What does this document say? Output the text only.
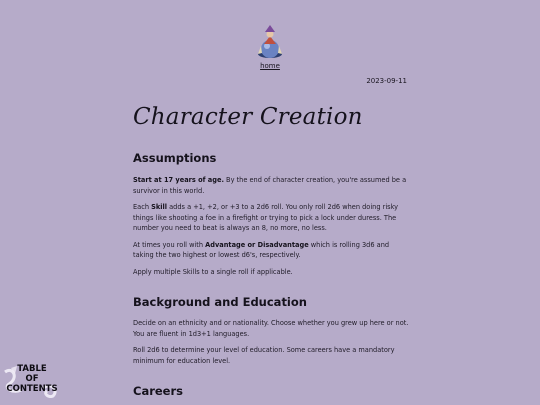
home
2023-09-11
Character Creation
Assumptions

Start at 17 years of age. By the end of character creation, you're assumed be a survivor in this world.

Each Skill adds a +1, +2, or +3 to a 2d6 roll. You only roll 2d6 when doing risky things like shooting a foe in a firefight or trying to pick a lock under duress. The number you need to beat is always an 8, no more, no less.

At times you roll with Advantage or Disadvantage which is rolling 3d6 and taking the two highest or lowest d6's, respectively.

Apply multiple Skills to a single roll if applicable.

Background and Education

Decide on an ethnicity and or nationality. Choose whether you grew up here or not. You are fluent in 1d3+1 languages.

Roll 2d6 to determine your level of education. Some careers have a mandatory minimum for education level.

Careers
TABLE
OF
CONTENTS
